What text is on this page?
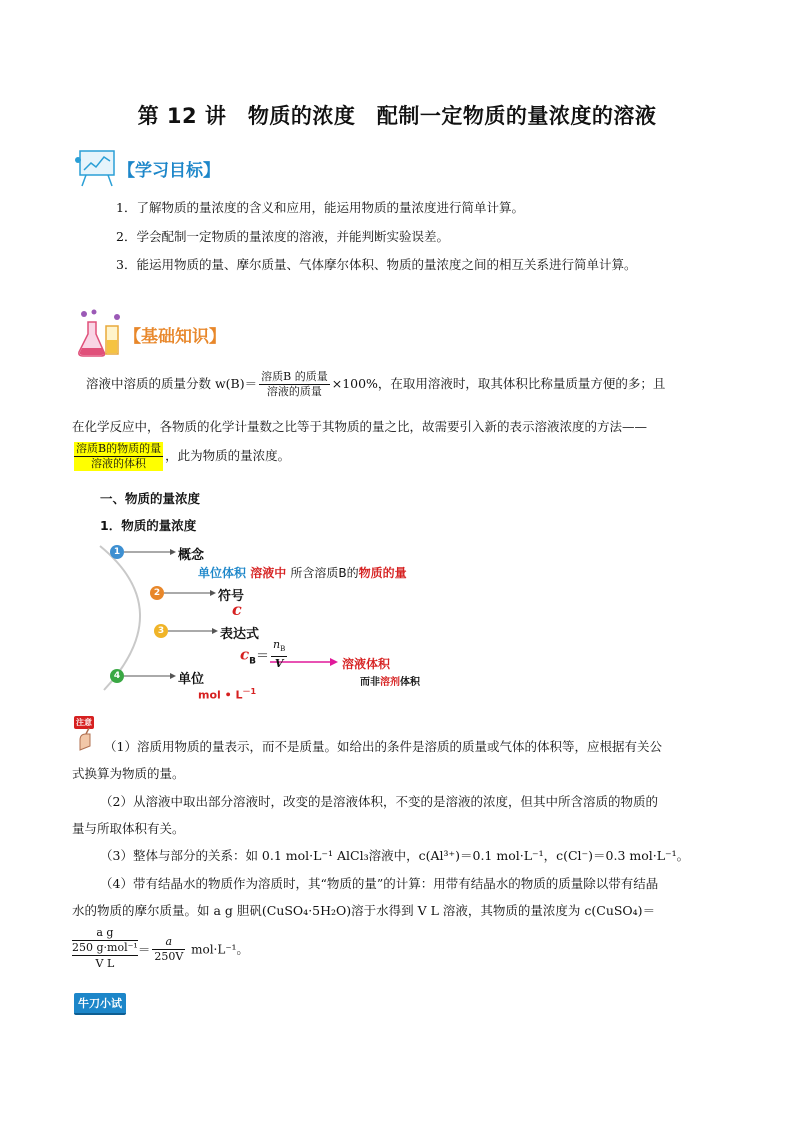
第 12 讲　物质的浓度　配制一定物质的量浓度的溶液
【学习目标】
1．了解物质的量浓度的含义和应用，能运用物质的量浓度进行简单计算。
2．学会配制一定物质的量浓度的溶液，并能判断实验误差。
3．能运用物质的量、摩尔质量、气体摩尔体积、物质的量浓度之间的相互关系进行简单计算。
【基础知识】
溶液中溶质的质量分数 $w(B)= \frac{\text{溶质B 的质量}}{\text{溶液的质量}} \times 100\%$，在取用溶液时，取其体积比称量质量方便的多；且
在化学反应中，各物质的化学计量数之比等于其物质的量之比，故需要引入新的表示溶液浓度的方法——
$\frac{\text{溶质B的物质的量}}{\text{溶液的体积}}$ ，此为物质的量浓度。
一、物质的量浓度
1．物质的量浓度
1
2
3
4
概念
符号
表达式
单位
单位体积 溶液中 所含溶质B的物质的量
c
$c_B= \frac{n_B}{V}$	溶液体积
而非溶剂体积
mol • $L^{-1}$
注意
（1）溶质用物质的量表示，而不是质量。如给出的条件是溶质的质量或气体的体积等，应根据有关公
式换算为物质的量。
（2）从溶液中取出部分溶液时，改变的是溶液体积，不变的是溶液的浓度，但其中所含溶质的物质的
量与所取体积有关。
（3）整体与部分的关系：如 0.1 mol·L⁻¹ AlCl₃溶液中，c(Al³⁺)＝0.1 mol·L⁻¹，c(Cl⁻)＝0.3 mol·L⁻¹。
（4）带有结晶水的物质作为溶质时，其“物质的量”的计算：用带有结晶水的物质的质量除以带有结晶
水的物质的摩尔质量。如 a g 胆矾(CuSO₄·5H₂O)溶于水得到 V L 溶液，其物质的量浓度为 c(CuSO₄)＝
a g
250 g·mol⁻¹
V L
＝ $\frac{a}{250V} mol\cdot L^{-1}$。
牛刀小试
